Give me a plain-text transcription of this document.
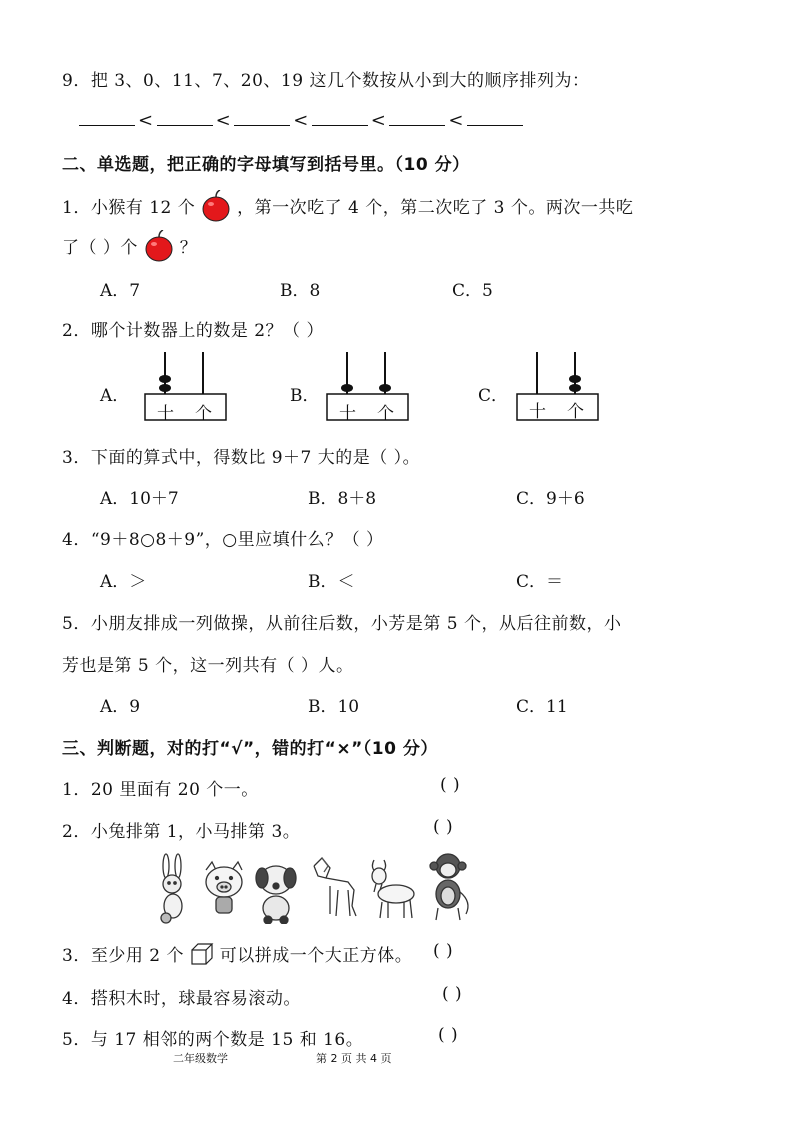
9．把 3、0、11、7、20、19 这几个数按从小到大的顺序排列为：
<	<	<	<	<
二、单选题，把正确的字母填写到括号里。（10 分）
1．小猴有 12 个 ，第一次吃了 4 个，第二次吃了 3 个。两次一共吃
了（ ）个 ？
A．7	B．8	C．5
2．哪个计数器上的数是 2？（ ）
A．
十 个
B．
十 个
C．
十 个
3．下面的算式中，得数比 9＋7 大的是（ ）。
A．10＋7	B．8＋8	C．9＋6
4．“9＋8○8＋9”，○里应填什么？（ ）
A．＞	B．＜	C．＝
5．小朋友排成一列做操，从前往后数，小芳是第 5 个，从后往前数，小
芳也是第 5 个，这一列共有（ ）人。
A．9	B．10	C．11
三、判断题，对的打“√”，错的打“×”（10 分）
1．20 里面有 20 个一。	( )
2．小兔排第 1，小马排第 3。	( )
3．至少用 2 个 可以拼成一个大正方体。 ( )
4．搭积木时，球最容易滚动。	( )
5．与 17 相邻的两个数是 15 和 16。	( )
二年级数学	第 2 页 共 4 页
